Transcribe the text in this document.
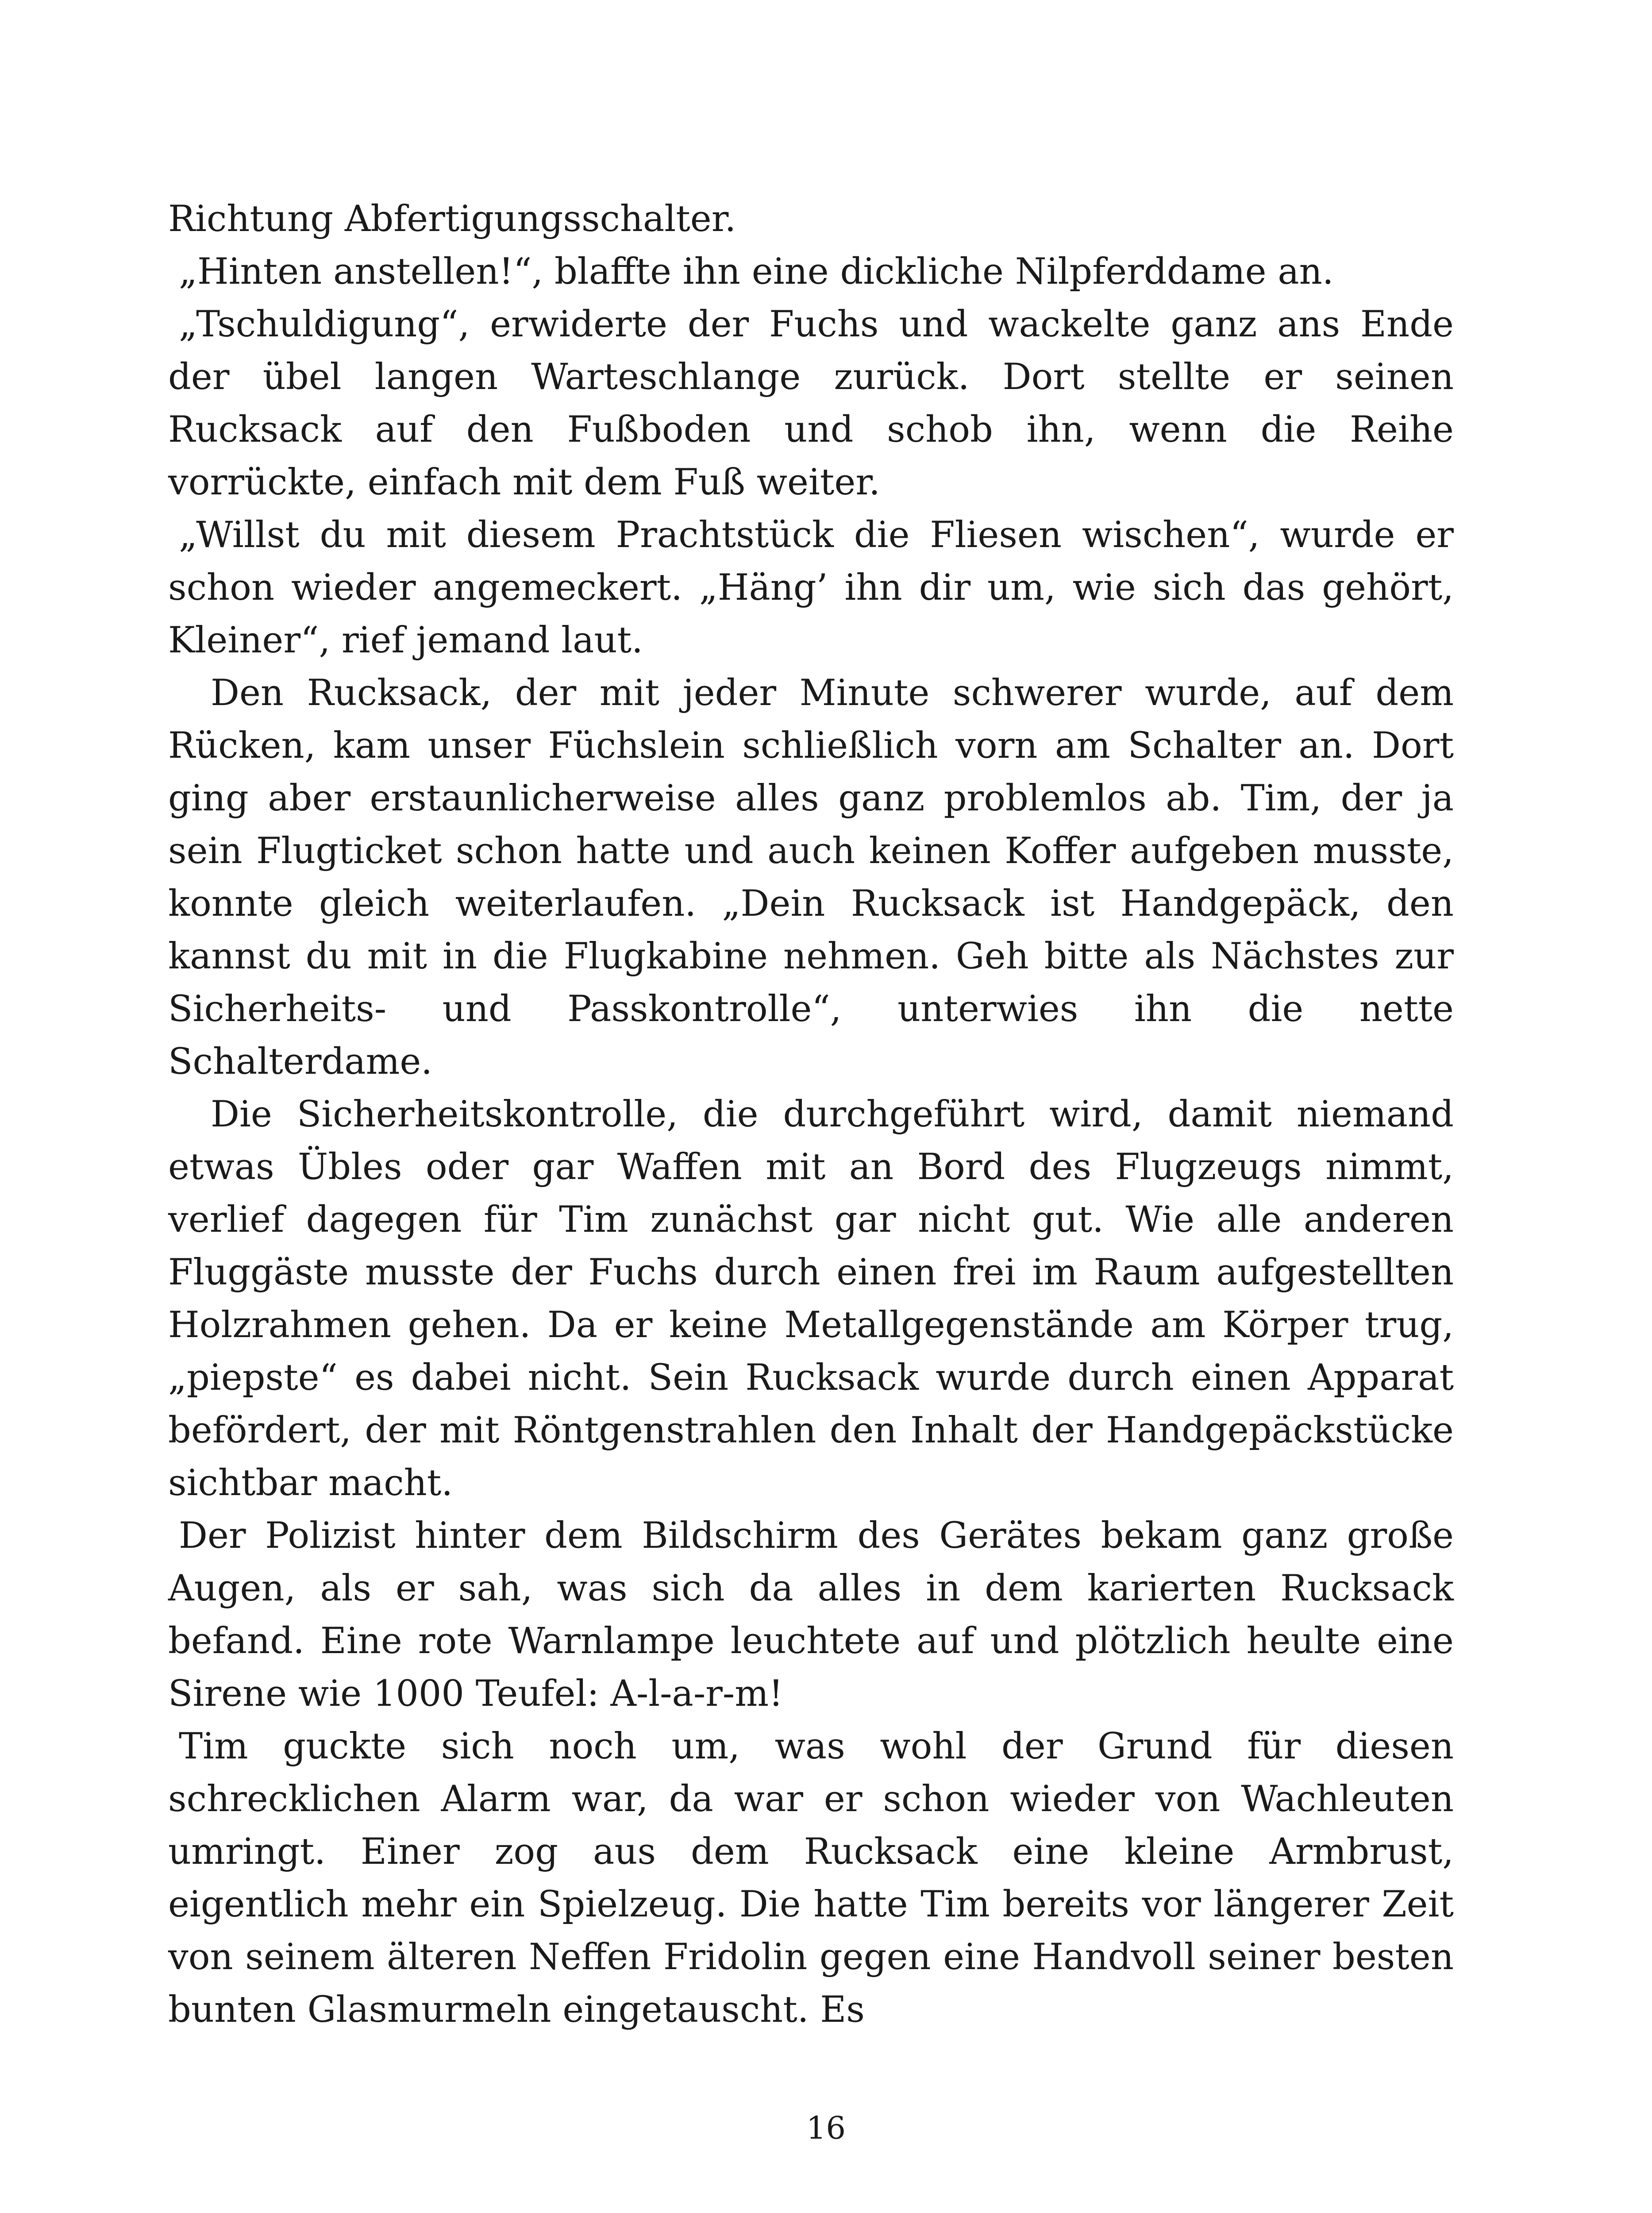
Richtung Abfertigungsschalter.

„Hinten anstellen!“, blaffte ihn eine dickliche Nilpferddame an.

„Tschuldigung“, erwiderte der Fuchs und wackelte ganz ans Ende der übel langen Warteschlange zurück. Dort stellte er seinen Rucksack auf den Fußboden und schob ihn, wenn die Reihe vorrückte, einfach mit dem Fuß weiter.

„Willst du mit diesem Prachtstück die Fliesen wischen“, wurde er schon wieder angemeckert. „Häng’ ihn dir um, wie sich das gehört, Kleiner“, rief jemand laut.

Den Rucksack, der mit jeder Minute schwerer wurde, auf dem Rücken, kam unser Füchslein schließlich vorn am Schalter an. Dort ging aber erstaunlicherweise alles ganz problemlos ab. Tim, der ja sein Flugticket schon hatte und auch keinen Koffer aufgeben musste, konnte gleich weiterlaufen. „Dein Rucksack ist Handgepäck, den kannst du mit in die Flugkabine nehmen. Geh bitte als Nächstes zur Sicherheits- und Passkontrolle“, unterwies ihn die nette Schalterdame.

Die Sicherheitskontrolle, die durchgeführt wird, damit niemand etwas Übles oder gar Waffen mit an Bord des Flugzeugs nimmt, verlief dagegen für Tim zunächst gar nicht gut. Wie alle anderen Fluggäste musste der Fuchs durch einen frei im Raum aufgestellten Holzrahmen gehen. Da er keine Metallgegenstände am Körper trug, „piepste“ es dabei nicht. Sein Rucksack wurde durch einen Apparat befördert, der mit Röntgenstrahlen den Inhalt der Handgepäckstücke sichtbar macht.

Der Polizist hinter dem Bildschirm des Gerätes bekam ganz große Augen, als er sah, was sich da alles in dem karierten Rucksack befand. Eine rote Warnlampe leuchtete auf und plötzlich heulte eine Sirene wie 1000 Teufel: A-l-a-r-m!

Tim guckte sich noch um, was wohl der Grund für diesen schrecklichen Alarm war, da war er schon wieder von Wachleuten umringt. Einer zog aus dem Rucksack eine kleine Armbrust, eigentlich mehr ein Spielzeug. Die hatte Tim bereits vor längerer Zeit von seinem älteren Neffen Fridolin gegen eine Handvoll seiner besten bunten Glasmurmeln eingetauscht. Es

16
